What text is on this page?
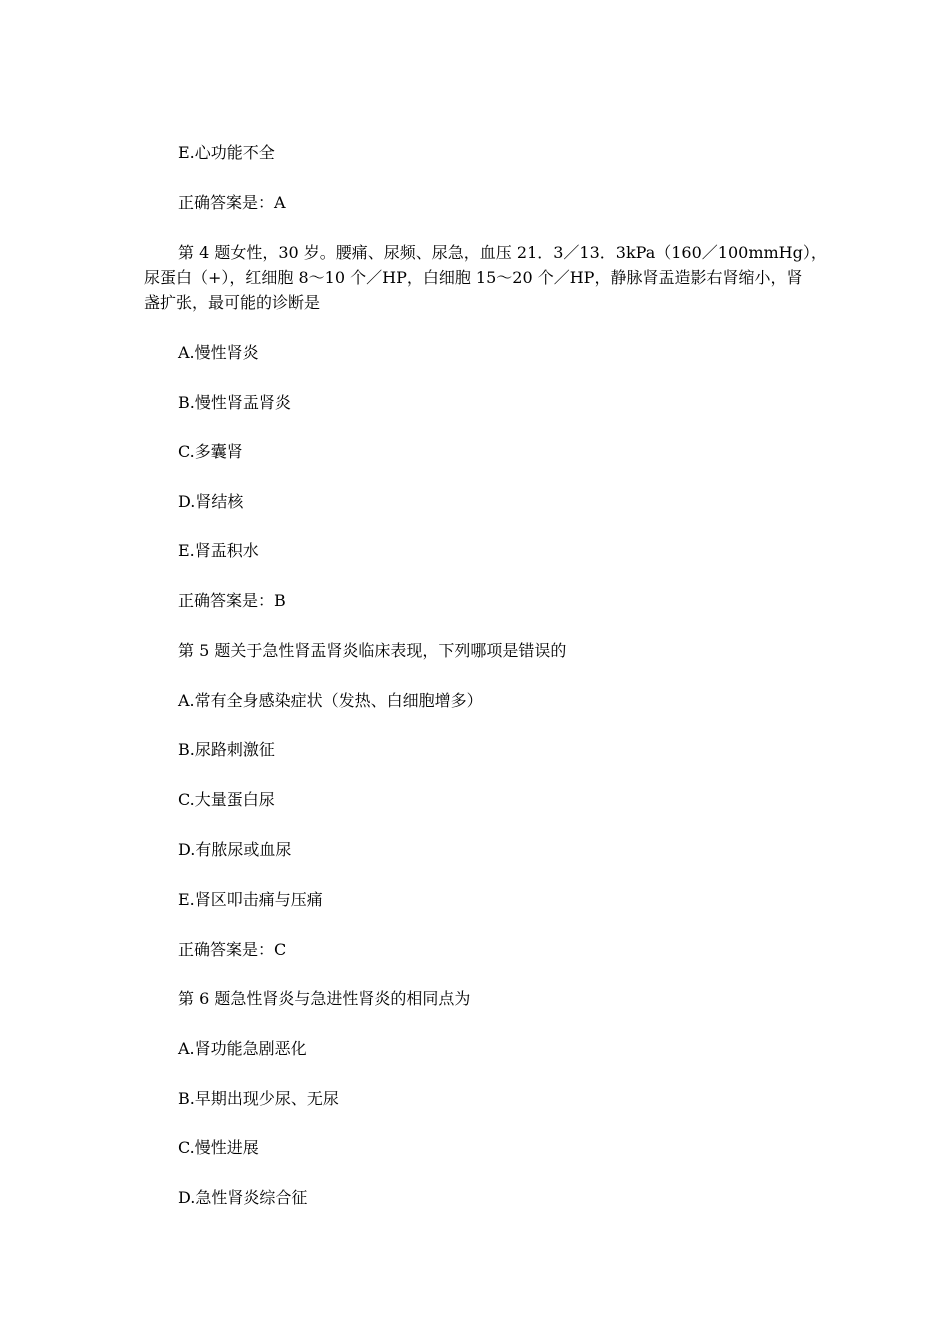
E.心功能不全
正确答案是：A
第 4 题女性，30 岁。腰痛、尿频、尿急，血压 21．3／13．3kPa（160／100mmHg），
尿蛋白（+），红细胞 8～10 个／HP，白细胞 15～20 个／HP，静脉肾盂造影右肾缩小，肾
盏扩张，最可能的诊断是
A.慢性肾炎
B.慢性肾盂肾炎
C.多囊肾
D.肾结核
E.肾盂积水
正确答案是：B
第 5 题关于急性肾盂肾炎临床表现，下列哪项是错误的
A.常有全身感染症状（发热、白细胞增多）
B.尿路刺激征
C.大量蛋白尿
D.有脓尿或血尿
E.肾区叩击痛与压痛
正确答案是：C
第 6 题急性肾炎与急进性肾炎的相同点为
A.肾功能急剧恶化
B.早期出现少尿、无尿
C.慢性进展
D.急性肾炎综合征
